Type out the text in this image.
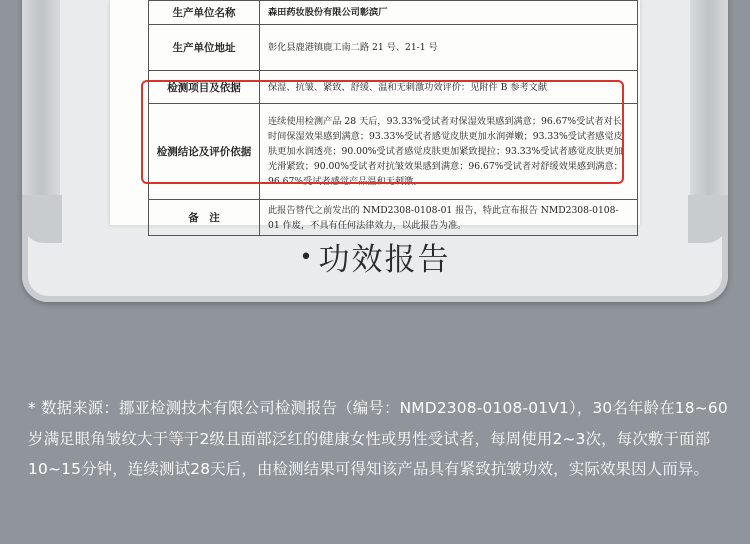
生产单位名称	森田药妆股份有限公司彰滨厂
生产单位地址	彰化县鹿港镇鹿工南二路 21 号、21-1 号
检测项目及依据	保湿、抗皱、紧致、舒缓、温和无刺激功效评价：见附件 B 参考文献
检测结论及评价依据	连续使用检测产品 28 天后，93.33%受试者对保湿效果感到满意；96.67%受试者对长时间保湿效果感到满意；93.33%受试者感觉皮肤更加水润弹嫩；93.33%受试者感觉皮肤更加水润透亮；90.00%受试者感觉皮肤更加紧致提拉；93.33%受试者感觉皮肤更加光滑紧致；90.00%受试者对抗皱效果感到满意；96.67%受试者对舒缓效果感到满意；96.67%受试者感觉产品温和无刺激。
备　注	此报告替代之前发出的 NMD2308-0108-01 报告，特此宣布报告 NMD2308-0108-01 作废，不具有任何法律效力，以此报告为准。
• 功效报告
* 数据来源：挪亚检测技术有限公司检测报告（编号：NMD2308-0108-01V1），30名年龄在18~60岁满足眼角皱纹大于等于2级且面部泛红的健康女性或男性受试者，每周使用2~3次，每次敷于面部10~15分钟，连续测试28天后，由检测结果可得知该产品具有紧致抗皱功效，实际效果因人而异。
